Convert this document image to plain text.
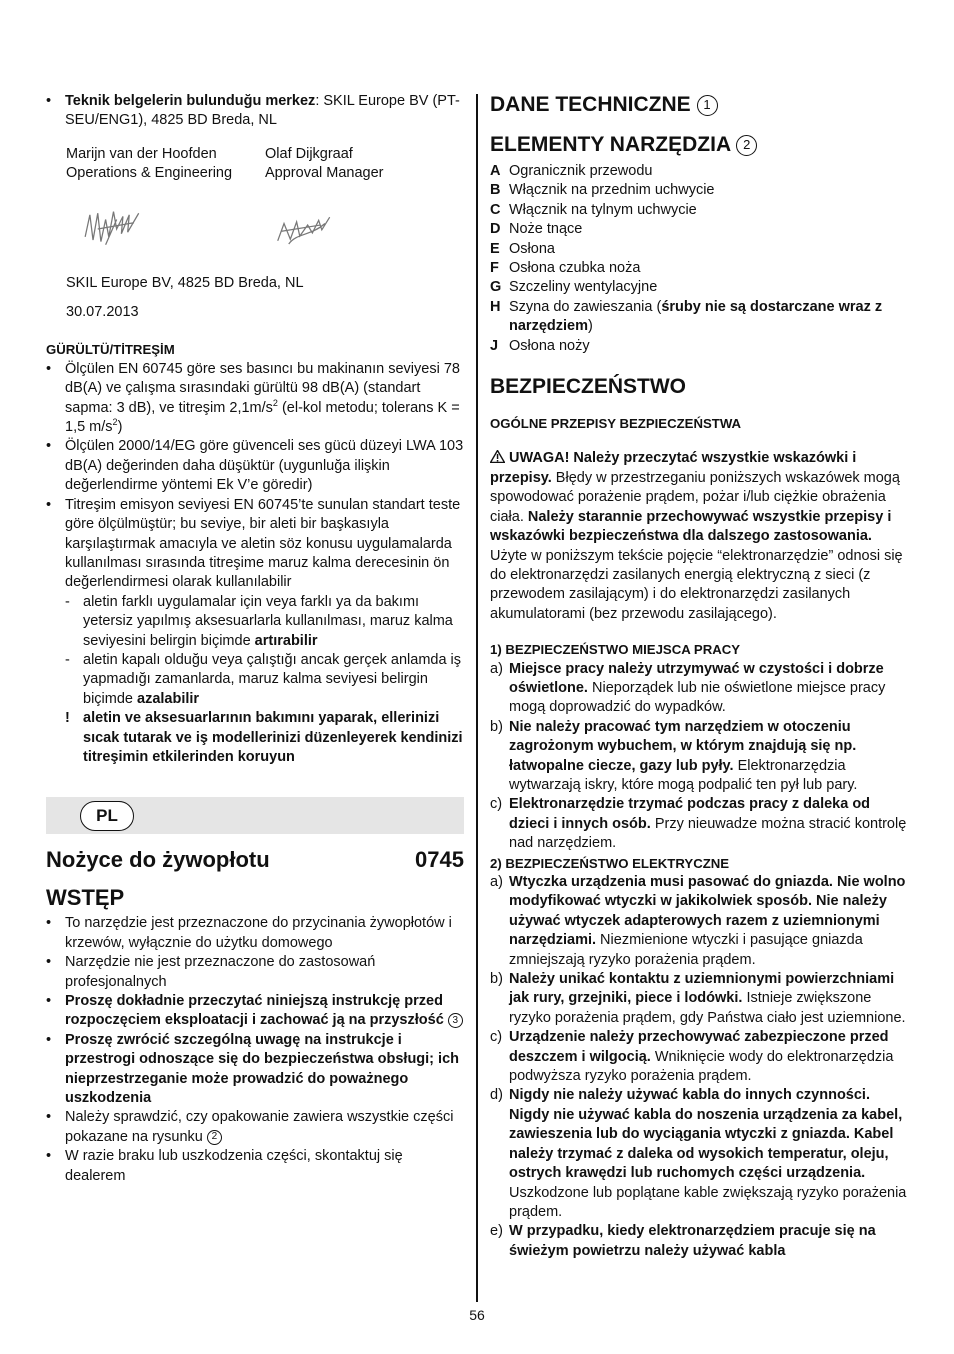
• Teknik belgelerin bulunduğu merkez: SKIL Europe BV (PT-SEU/ENG1), 4825 BD Breda, NL

Marijn van der Hoofden
Operations & Engineering
Olaf Dijkgraaf
Approval Manager

SKIL Europe BV, 4825 BD Breda, NL

30.07.2013

GÜRÜLTÜ/TİTREŞİM

• Ölçülen EN 60745 göre ses basıncı bu makinanın seviyesi 78 dB(A) ve çalışma sırasındaki gürültü 98 dB(A) (standart sapma: 3 dB), ve titreşim $2,1m/s^2$ (el-kol metodu; tolerans K = 1,5 $m/s^2$)

• Ölçülen 2000/14/EG göre güvenceli ses gücü düzeyi LWA 103 dB(A) değerinden daha düşüktür (uygunluğa ilişkin değerlendirme yöntemi Ek V’e göredir)

• Titreşim emisyon seviyesi EN 60745’te sunulan standart teste göre ölçülmüştür; bu seviye, bir aleti bir başkasıyla karşılaştırmak amacıyla ve aletin söz konusu uygulamalarda kullanılması sırasında titreşime maruz kalma derecesinin ön değerlendirmesi olarak kullanılabilir

- aletin farklı uygulamalar için veya farklı ya da bakımı yetersiz yapılmış aksesuarlarla kullanılması, maruz kalma seviyesini belirgin biçimde artırabilir

- aletin kapalı olduğu veya çalıştığı ancak gerçek anlamda iş yapmadığı zamanlarda, maruz kalma seviyesi belirgin biçimde azalabilir

! aletin ve aksesuarlarının bakımını yaparak, ellerinizi sıcak tutarak ve iş modellerinizi düzenleyerek kendinizi titreşimin etkilerinden koruyun

PL
Nożyce do żywopłotu	0745

WSTĘP

• To narzędzie jest przeznaczone do przycinania żywopłotów i krzewów, wyłącznie do użytku domowego

• Narzędzie nie jest przeznaczone do zastosowań profesjonalnych

• Proszę dokładnie przeczytać niniejszą instrukcję przed rozpoczęciem eksploatacji i zachować ją na przyszłość 3

• Proszę zwrócić szczególną uwagę na instrukcje i przestrogi odnoszące się do bezpieczeństwa obsługi; ich nieprzestrzeganie może prowadzić do poważnego uszkodzenia

• Należy sprawdzić, czy opakowanie zawiera wszystkie części pokazane na rysunku 2

• W razie braku lub uszkodzenia części, skontaktuj się dealerem

DANE TECHNICZNE 1

ELEMENTY NARZĘDZIA 2

A Ogranicznik przewodu

B Włącznik na przednim uchwycie

C Włącznik na tylnym uchwycie

D Noże tnące

E Osłona

F Osłona czubka noża

G Szczeliny wentylacyjne

H Szyna do zawieszania (śruby nie są dostarczane wraz z narzędziem)

J Osłona noży

BEZPIECZEŃSTWO

OGÓLNE PRZEPISY BEZPIECZEŃSTWA

UWAGA! Należy przeczytać wszystkie wskazówki i przepisy. Błędy w przestrzeganiu poniższych wskazówek mogą spowodować porażenie prądem, pożar i/lub ciężkie obrażenia ciała. Należy starannie przechowywać wszystkie przepisy i wskazówki bezpieczeństwa dla dalszego zastosowania. Użyte w poniższym tekście pojęcie “elektronarzędzie” odnosi się do elektronarzędzi zasilanych energią elektryczną z sieci (z przewodem zasilającym) i do elektronarzędzi zasilanych akumulatorami (bez przewodu zasilającego).

1) BEZPIECZEŃSTWO MIEJSCA PRACY

a) Miejsce pracy należy utrzymywać w czystości i dobrze oświetlone. Nieporządek lub nie oświetlone miejsce pracy mogą doprowadzić do wypadków.

b) Nie należy pracować tym narzędziem w otoczeniu zagrożonym wybuchem, w którym znajdują się np. łatwopalne ciecze, gazy lub pyły. Elektronarzędzia wytwarzają iskry, które mogą podpalić ten pył lub pary.

c) Elektronarzędzie trzymać podczas pracy z daleka od dzieci i innych osób. Przy nieuwadze można stracić kontrolę nad narzędziem.

2) BEZPIECZEŃSTWO ELEKTRYCZNE

a) Wtyczka urządzenia musi pasować do gniazda. Nie wolno modyfikować wtyczki w jakikolwiek sposób. Nie należy używać wtyczek adapterowych razem z uziemnionymi narzędziami. Niezmienione wtyczki i pasujące gniazda zmniejszają ryzyko porażenia prądem.

b) Należy unikać kontaktu z uziemnionymi powierzchniami jak rury, grzejniki, piece i lodówki. Istnieje zwiększone ryzyko porażenia prądem, gdy Państwa ciało jest uziemnione.

c) Urządzenie należy przechowywać zabezpieczone przed deszczem i wilgocią. Wniknięcie wody do elektronarzędzia podwyższa ryzyko porażenia prądem.

d) Nigdy nie należy używać kabla do innych czynności. Nigdy nie używać kabla do noszenia urządzenia za kabel, zawieszenia lub do wyciągania wtyczki z gniazda. Kabel należy trzymać z daleka od wysokich temperatur, oleju, ostrych krawędzi lub ruchomych części urządzenia. Uszkodzone lub poplątane kable zwiększają ryzyko porażenia prądem.

e) W przypadku, kiedy elektronarzędziem pracuje się na świeżym powietrzu należy używać kabla

56
